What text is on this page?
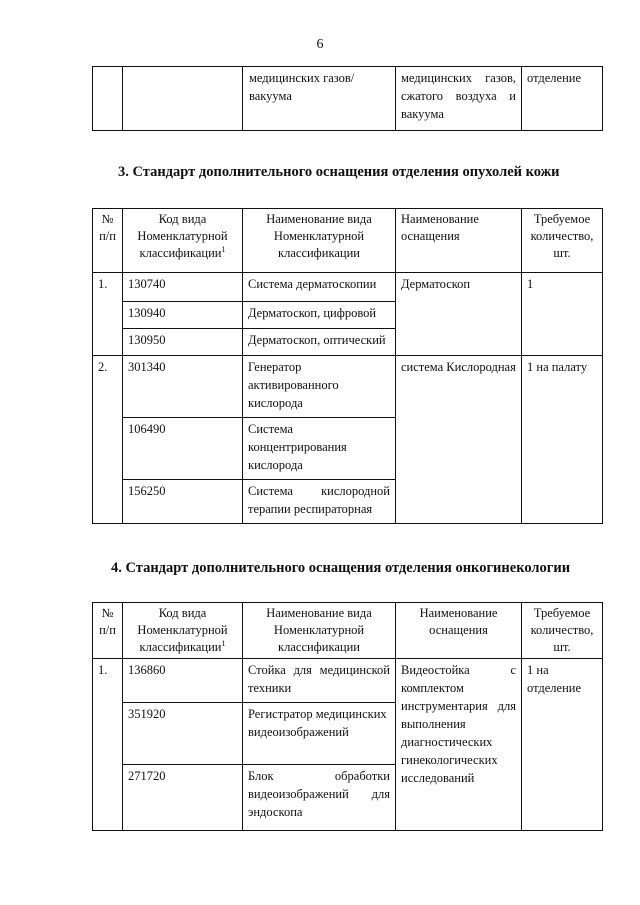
6
		медицинских газов/вакуума	медицинских газов, сжатого воздуха и вакуума	отделение
3. Стандарт дополнительного оснащения отделения опухолей кожи
№ п/п	Код вида Номенклатурной классификации$^1$	Наименование вида Номенклатурной классификации	Наименование оснащения	Требуемое количество, шт.
1.	130740	Система дерматоскопии	Дерматоскоп	1
	130940	Дерматоскоп, цифровой		
	130950	Дерматоскоп, оптический		
2.	301340	Генератор активированного кислорода	система Кислородная	1 на палату
	106490	Система концентрирования кислорода		
	156250	Система кислородной терапии респираторная		
4. Стандарт дополнительного оснащения отделения онкогинекологии
№ п/п	Код вида Номенклатурной классификации$^1$	Наименование вида Номенклатурной классификации	Наименование оснащения	Требуемое количество, шт.
1.	136860	Стойка для медицинской техники	Видеостойка с комплектом инструментария для выполнения диагностических гинекологических исследований	1 на отделение
	351920	Регистратор медицинских видеоизображений		
	271720	Блок обработки видеоизображений для эндоскопа		
